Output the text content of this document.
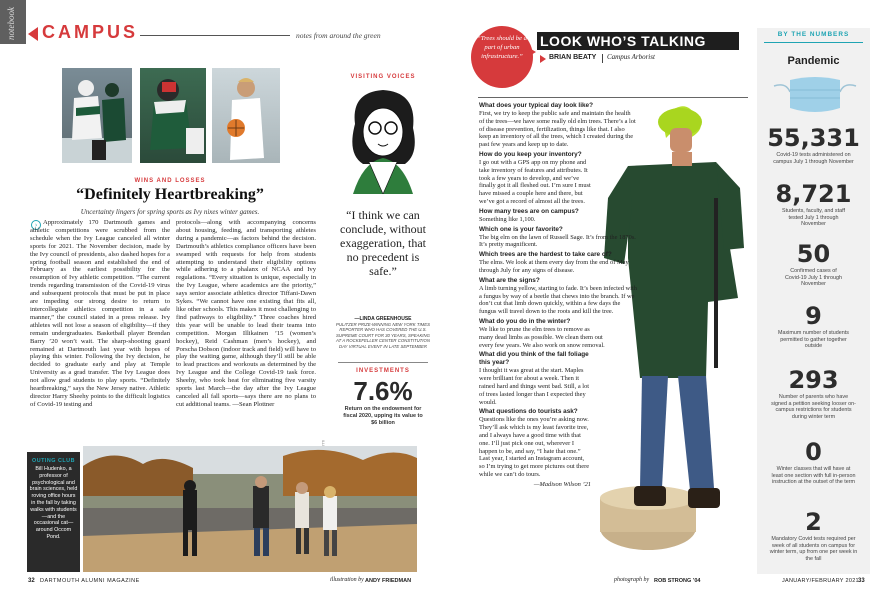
notebook CAMPUS	notes from around the green
WINS AND LOSSES
“Definitely Heartbreaking”
Uncertainty lingers for spring sports as Ivy nixes winter games.
› Approximately 170 Dartmouth games and athletic competitions were scrubbed from the schedule when the Ivy League canceled all winter sports for 2021. The November decision, made by the Ivy council of presidents, also dashed hopes for a spring football season and established the end of February as the earliest possibility for the resumption of Ivy athletic competition. “The current trends regarding transmission of the Covid-19 virus and subsequent protocols that must be put in place are impeding our strong desire to return to intercollegiate athletics competition in a safe manner,” the council stated in a press release. Ivy athletes will not lose a season of eligibility—if they remain undergraduates. Basketball player Brendan Barry ’20 won’t wait. The sharp-shooting guard remained at Dartmouth last year with hopes of playing this winter. Following the Ivy decision, he decided to graduate early and play at Temple University as a grad transfer. The Ivy League does not allow grad students to play sports. “Definitely heartbreaking,” says the New Jersey native. Athletic director Harry Sheehy points to the difficult logistics of Covid-19 testing and
protocols—along with accompanying concerns about housing, feeding, and transporting athletes during a pandemic—as factors behind the decision. Dartmouth’s athletics compliance officers have been swamped with requests for help from students attempting to understand their eligibility options while adhering to a phalanx of NCAA and Ivy regulations. “Every situation is unique, especially in the Ivy League, where academics are the priority,” says senior associate athletics director Tiffani-Dawn Sykes. “We cannot have one existing that fits all, like other schools. This makes it most challenging to find pathways to eligibility.” Three coaches hired this year will be unable to lead their teams into competition. Morgan Illikainen ’15 (women’s hockey), Reid Cashman (men’s hockey), and Porscha Dobson (indoor track and field) will have to play the waiting game, although they’ll still be able to lead practices and workouts as determined by the Ivy League and the College Covid-19 task force. Sheehy, who took heat for eliminating five varsity sports last March—the day after the Ivy League canceled all fall sports—says there are no plans to cut additional teams. —Sean Plottner
VISITING VOICES
“I think we can conclude, without exaggeration, that no precedent is safe.”
—LINDA GREENHOUSE
PULITZER PRIZE-WINNING NEW YORK TIMES REPORTER WHO HAS COVERED THE U.S. SUPREME COURT FOR 30 YEARS, SPEAKING AT A ROCKEFELLER CENTER CONSTITUTION DAY VIRTUAL EVENT IN LATE SEPTEMBER
INVESTMENTS
7.6%
Return on the endowment for fiscal 2020, upping its value to $6 billion
OUTING CLUB
Bill Hudenko, a professor of psychological and brain sciences, held roving office hours in the fall by taking walks with students—and the occasional cat—around Occom Pond.
32 DARTMOUTH ALUMNI MAGAZINE	illustration by ANDY FRIEDMAN
“Trees should be a part of urban infrastructure.”
LOOK WHO’S TALKING
BRIAN BEATY Campus Arborist
What does your typical day look like?
First, we try to keep the public safe and maintain the health of the trees—we have some really old elm trees. There’s a lot of disease prevention, fertilization, things like that. I also keep an inventory of all the trees, which I created during the past few years and keep up to date.
How do you keep your inventory?
I go out with a GPS app on my phone and take inventory of features and attributes. It took a few years to develop, and we’ve finally got it all fleshed out. I’m sure I must have missed a couple here and there, but we’ve got a record of almost all the trees.
How many trees are on campus?
Something like 1,100.
Which one is your favorite?
The big elm on the lawn of Russell Sage. It’s from the 1870s. It’s pretty magnificent.
Which trees are the hardest to take care of?
The elms. We look at them every day from the end of May through July for any signs of disease.
What are the signs?
A limb turning yellow, starting to fade. It’s been infected with a fungus by way of a beetle that chews into the branch. If we don’t cut that limb down quickly, within a few days the fungus will travel down to the roots and kill the tree.
What do you do in the winter?
We like to prune the elm trees to remove as many dead limbs as possible. We clean them out every few years. We also work on snow removal.
What did you think of the fall foliage this year?
I thought it was great at the start. Maples were brilliant for about a week. Then it rained hard and things went bad. Still, a lot of trees lasted longer than I expected they would.
What questions do tourists ask?
Questions like the ones you’re asking now. They’ll ask which is my least favorite tree, and I always have a good time with that one. I’ll just pick one out, wherever I happen to be, and say, “I hate that one.” Last year, I started an Instagram account, so I’m trying to get more pictures out there while we can’t do tours.
—Madison Wilson ’21
BY THE NUMBERS
Pandemic
55,331
Covid-19 tests administered on campus July 1 through November
8,721
Students, faculty, and staff tested July 1 through November
50
Confirmed cases of Covid-19 July 1 through November
9
Maximum number of students permitted to gather together outside
293
Number of parents who have signed a petition seeking looser on-campus restrictions for students during winter term
0
Winter classes that will have at least one section with full in-person instruction at the outset of the term
2
Mandatory Covid tests required per week of all students on campus for winter term, up from one per week in the fall
photograph by ROB STRONG ’04	JANUARY/FEBRUARY 2021 33
